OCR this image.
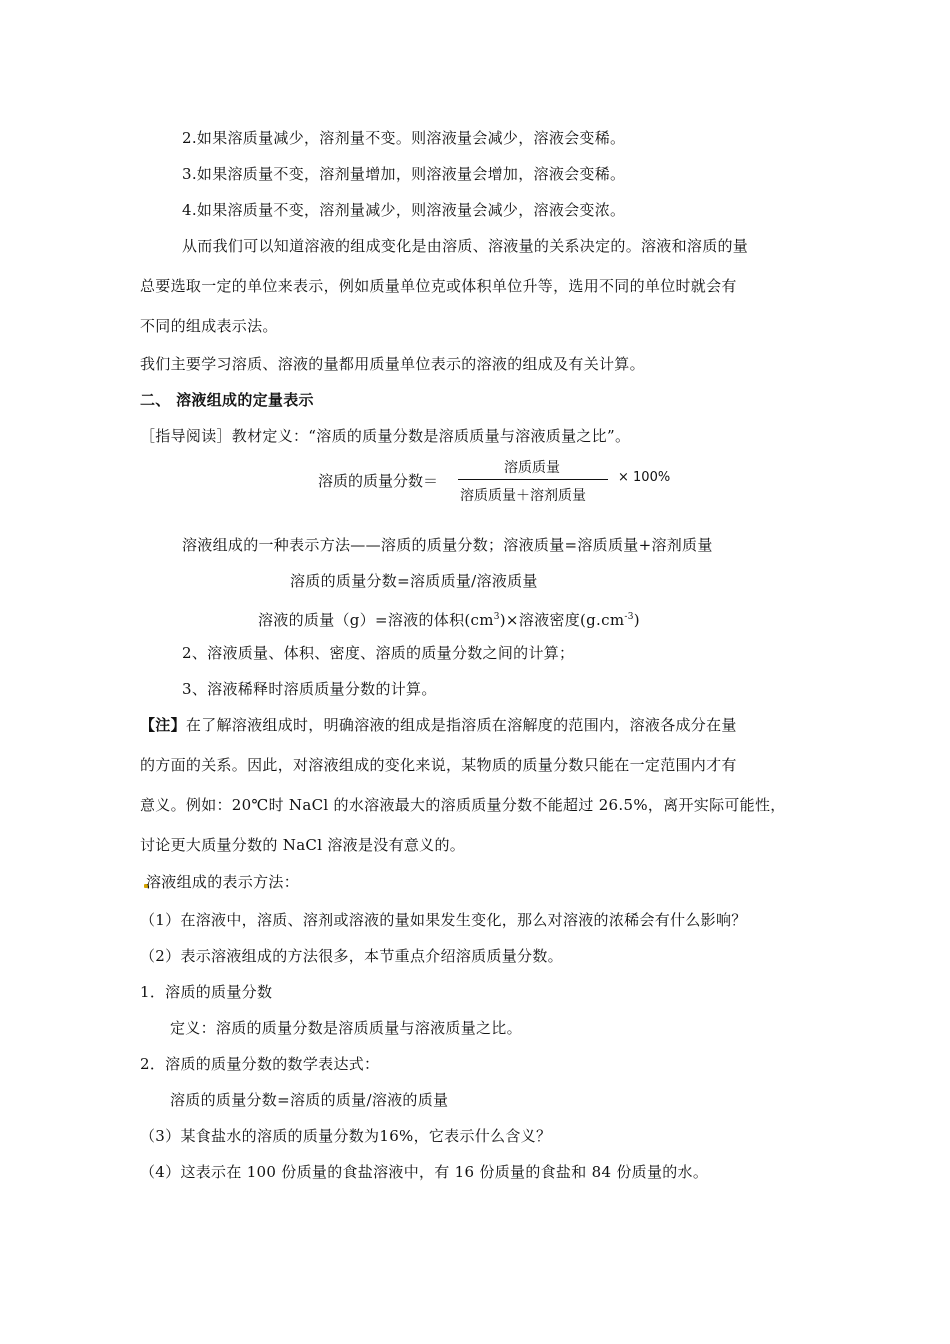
2.如果溶质量减少，溶剂量不变。则溶液量会减少，溶液会变稀。
3.如果溶质量不变，溶剂量增加，则溶液量会增加，溶液会变稀。
4.如果溶质量不变，溶剂量减少，则溶液量会减少，溶液会变浓。
从而我们可以知道溶液的组成变化是由溶质、溶液量的关系决定的。溶液和溶质的量
总要选取一定的单位来表示，例如质量单位克或体积单位升等，选用不同的单位时就会有
不同的组成表示法。
我们主要学习溶质、溶液的量都用质量单位表示的溶液的组成及有关计算。
二、 溶液组成的定量表示
［指导阅读］教材定义：“溶质的质量分数是溶质质量与溶液质量之比”。
溶质的质量分数＝
溶质质量
溶质质量＋溶剂质量
× 100%
溶液组成的一种表示方法——溶质的质量分数；溶液质量=溶质质量+溶剂质量
溶质的质量分数=溶质质量/溶液质量
溶液的质量（g）=溶液的体积$(cm^3)\times$溶液密度$(g.cm^{-3})$
2、溶液质量、体积、密度、溶质的质量分数之间的计算；
3、溶液稀释时溶质质量分数的计算。
【注】在了解溶液组成时，明确溶液的组成是指溶质在溶解度的范围内，溶液各成分在量
的方面的关系。因此，对溶液组成的变化来说，某物质的质量分数只能在一定范围内才有
意义。例如：20℃时 NaCl 的水溶液最大的溶质质量分数不能超过 26.5%，离开实际可能性，
讨论更大质量分数的 NaCl 溶液是没有意义的。
溶液组成的表示方法：
（1）在溶液中，溶质、溶剂或溶液的量如果发生变化，那么对溶液的浓稀会有什么影响？
（2）表示溶液组成的方法很多，本节重点介绍溶质质量分数。
1．溶质的质量分数
定义：溶质的质量分数是溶质质量与溶液质量之比。
2．溶质的质量分数的数学表达式：
溶质的质量分数=溶质的质量/溶液的质量
（3）某食盐水的溶质的质量分数为16%，它表示什么含义？
（4）这表示在 100 份质量的食盐溶液中，有 16 份质量的食盐和 84 份质量的水。
